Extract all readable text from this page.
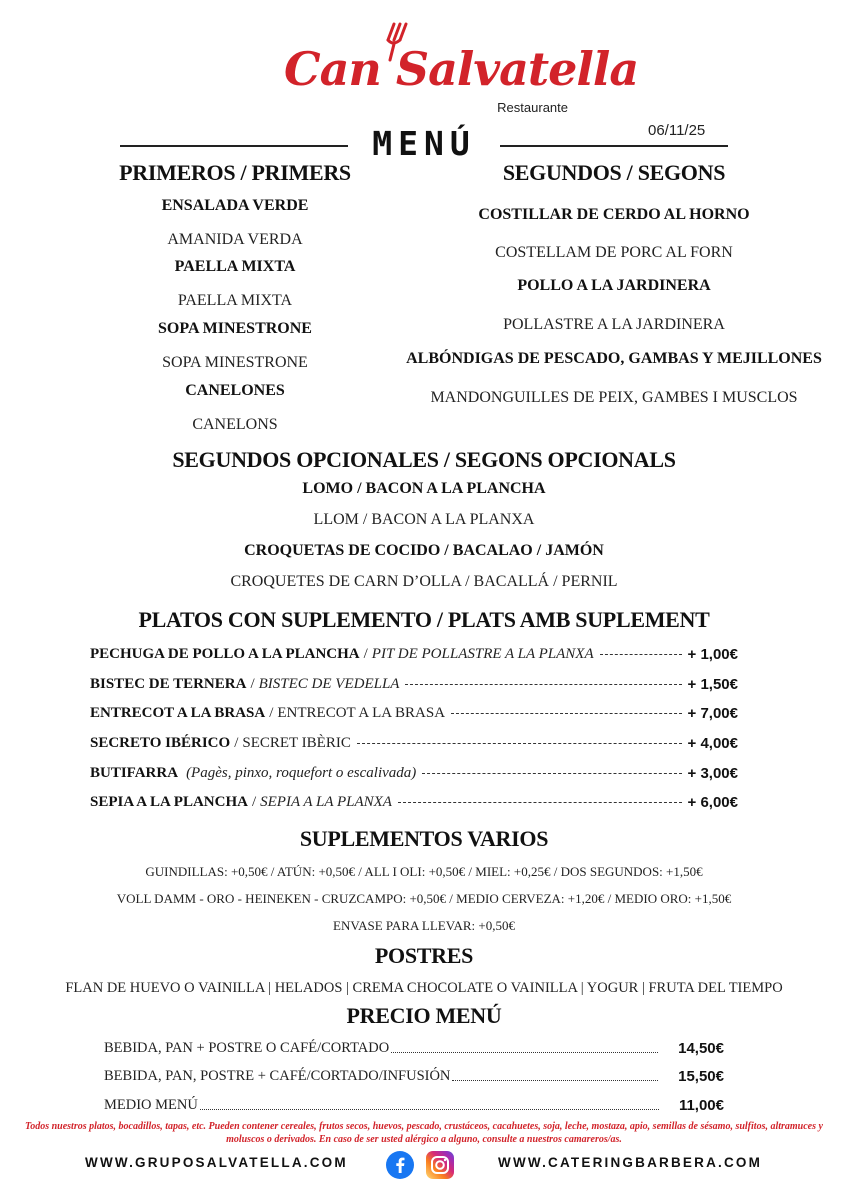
Can Salvatella
Restaurante
MENÚ	06/11/25
PRIMEROS / PRIMERS
ENSALADA VERDE
AMANIDA VERDA
PAELLA MIXTA
PAELLA MIXTA
SOPA MINESTRONE
SOPA MINESTRONE
CANELONES
CANELONS
SEGUNDOS / SEGONS
COSTILLAR DE CERDO AL HORNO
COSTELLAM DE PORC AL FORN
POLLO A LA JARDINERA
POLLASTRE A LA JARDINERA
ALBÓNDIGAS DE PESCADO, GAMBAS Y MEJILLONES
MANDONGUILLES DE PEIX, GAMBES I MUSCLOS
SEGUNDOS OPCIONALES / SEGONS OPCIONALS
LOMO / BACON A LA PLANCHA
LLOM / BACON A LA PLANXA
CROQUETAS DE COCIDO / BACALAO / JAMÓN
CROQUETES DE CARN D’OLLA / BACALLÁ / PERNIL
PLATOS CON SUPLEMENTO / PLATS AMB SUPLEMENT
PECHUGA DE POLLO A LA PLANCHA / PIT DE POLLASTRE A LA PLANXA	+ 1,00€
BISTEC DE TERNERA / BISTEC DE VEDELLA	+ 1,50€
ENTRECOT A LA BRASA / ENTRECOT A LA BRASA	+ 7,00€
SECRETO IBÉRICO / SECRET IBÈRIC	+ 4,00€
BUTIFARRA (Pagès, pinxo, roquefort o escalivada)	+ 3,00€
SEPIA A LA PLANCHA / SEPIA A LA PLANXA	+ 6,00€
SUPLEMENTOS VARIOS
GUINDILLAS: +0,50€ / ATÚN: +0,50€ / ALL I OLI: +0,50€ / MIEL: +0,25€ / DOS SEGUNDOS: +1,50€
VOLL DAMM - ORO - HEINEKEN - CRUZCAMPO: +0,50€ / MEDIO CERVEZA: +1,20€ / MEDIO ORO: +1,50€
ENVASE PARA LLEVAR: +0,50€
POSTRES
FLAN DE HUEVO O VAINILLA | HELADOS | CREMA CHOCOLATE O VAINILLA | YOGUR | FRUTA DEL TIEMPO
PRECIO MENÚ
BEBIDA, PAN + POSTRE O CAFÉ/CORTADO	14,50€
BEBIDA, PAN, POSTRE + CAFÉ/CORTADO/INFUSIÓN	15,50€
MEDIO MENÚ	11,00€
Todos nuestros platos, bocadillos, tapas, etc. Pueden contener cereales, frutos secos, huevos, pescado, crustáceos, cacahuetes, soja, leche, mostaza, apio, semillas de sésamo, sulfitos, altramuces y moluscos o derivados. En caso de ser usted alérgico a alguno, consulte a nuestros camareros/as.
WWW.GRUPOSALVATELLA.COM	WWW.CATERINGBARBERA.COM
